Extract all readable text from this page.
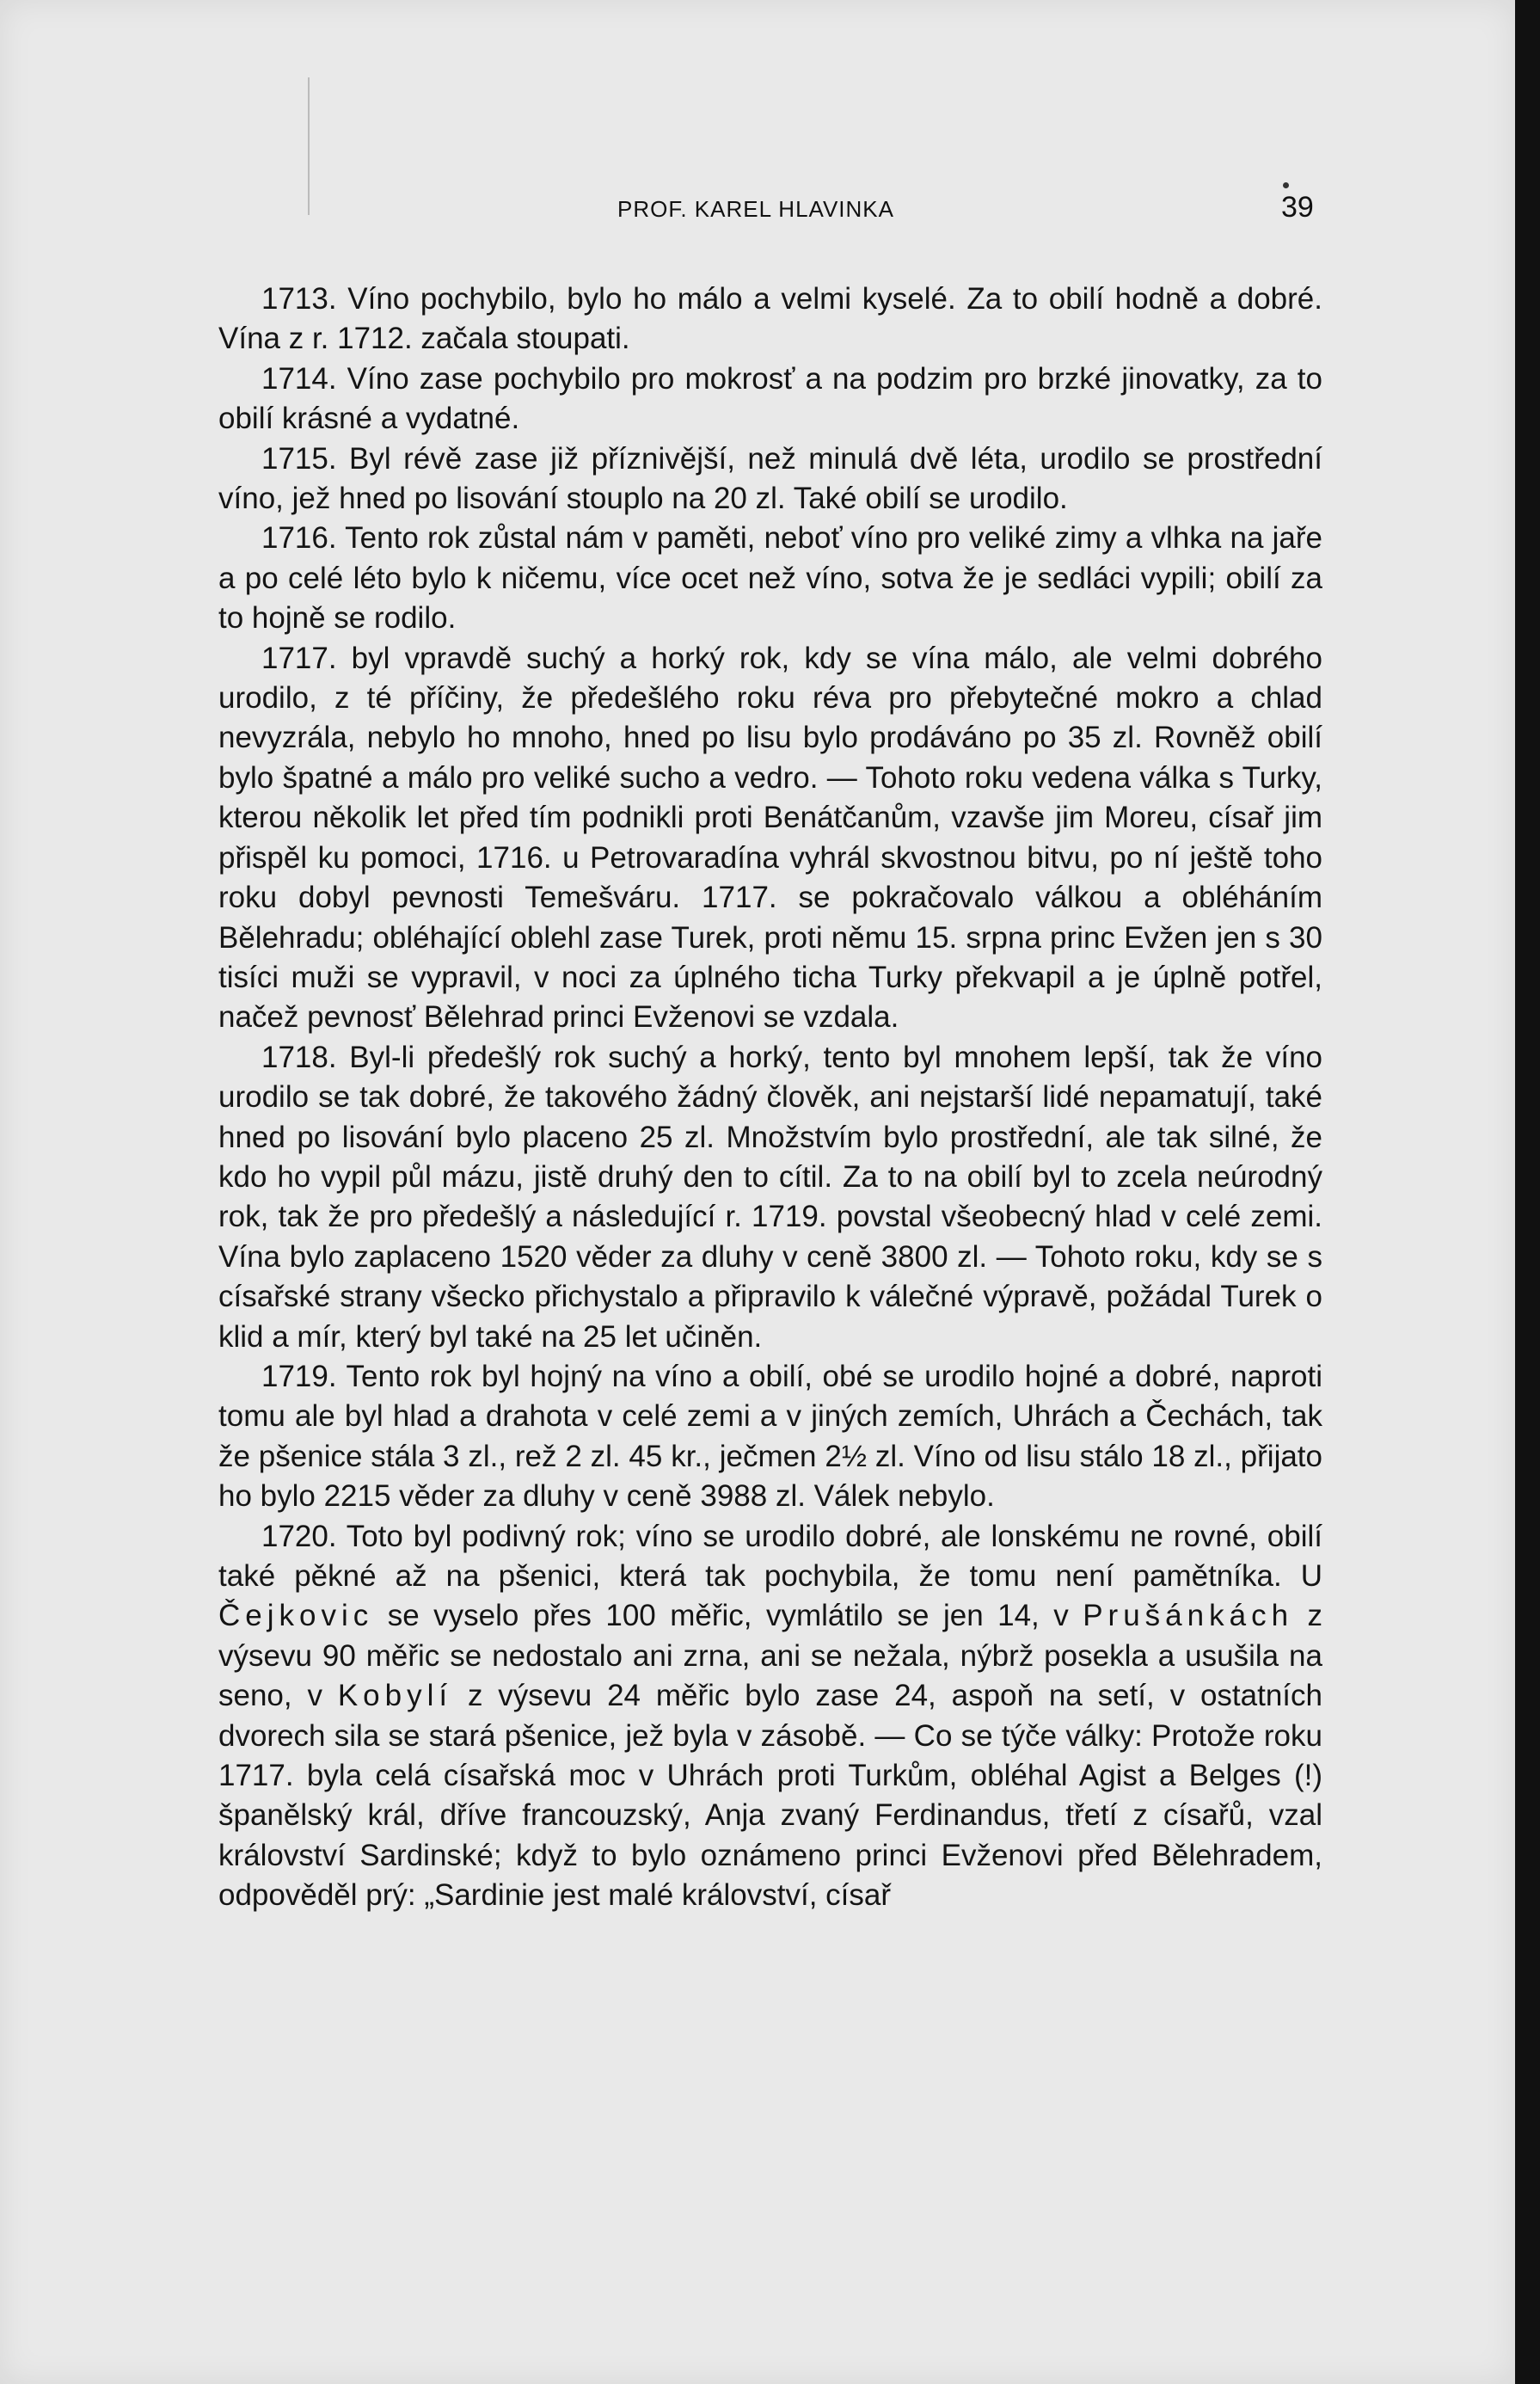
PROF. KAREL HLAVINKA	39

1713. Víno pochybilo, bylo ho málo a velmi kyselé. Za to obilí hodně a dobré. Vína z r. 1712. začala stoupati.

1714. Víno zase pochybilo pro mokrosť a na podzim pro brzké jinovatky, za to obilí krásné a vydatné.

1715. Byl révě zase již příznivější, než minulá dvě léta, urodilo se prostřední víno, jež hned po lisování stouplo na 20 zl. Také obilí se urodilo.

1716. Tento rok zůstal nám v paměti, neboť víno pro veliké zimy a vlhka na jaře a po celé léto bylo k ničemu, více ocet než víno, sotva že je sedláci vypili; obilí za to hojně se rodilo.

1717. byl vpravdě suchý a horký rok, kdy se vína málo, ale velmi dobrého urodilo, z té příčiny, že předešlého roku réva pro přebytečné mokro a chlad nevyzrála, nebylo ho mnoho, hned po lisu bylo prodáváno po 35 zl. Rovněž obilí bylo špatné a málo pro veliké sucho a vedro. — Tohoto roku vedena válka s Turky, kterou několik let před tím podnikli proti Benátčanům, vzavše jim Moreu, císař jim přispěl ku pomoci, 1716. u Petrovaradína vyhrál skvostnou bitvu, po ní ještě toho roku dobyl pevnosti Temešváru. 1717. se pokračovalo válkou a obléháním Bělehradu; obléhající oblehl zase Turek, proti němu 15. srpna princ Evžen jen s 30 tisíci muži se vypravil, v noci za úplného ticha Turky překvapil a je úplně potřel, načež pevnosť Bělehrad princi Evženovi se vzdala.

1718. Byl-li předešlý rok suchý a horký, tento byl mnohem lepší, tak že víno urodilo se tak dobré, že takového žádný člověk, ani nejstarší lidé nepamatují, také hned po lisování bylo placeno 25 zl. Množstvím bylo prostřední, ale tak silné, že kdo ho vypil půl mázu, jistě druhý den to cítil. Za to na obilí byl to zcela neúrodný rok, tak že pro předešlý a následující r. 1719. povstal všeobecný hlad v celé zemi. Vína bylo zaplaceno 1520 věder za dluhy v ceně 3800 zl. — Tohoto roku, kdy se s císařské strany všecko přichystalo a připravilo k válečné výpravě, požádal Turek o klid a mír, který byl také na 25 let učiněn.

1719. Tento rok byl hojný na víno a obilí, obé se urodilo hojné a dobré, naproti tomu ale byl hlad a drahota v celé zemi a v jiných zemích, Uhrách a Čechách, tak že pšenice stála 3 zl., rež 2 zl. 45 kr., ječmen 2½ zl. Víno od lisu stálo 18 zl., přijato ho bylo 2215 věder za dluhy v ceně 3988 zl. Válek nebylo.

1720. Toto byl podivný rok; víno se urodilo dobré, ale lonskému ne rovné, obilí také pěkné až na pšenici, která tak pochybila, že tomu není pamětníka. U Čejkovic se vyselo přes 100 měřic, vymlátilo se jen 14, v Prušánkách z výsevu 90 měřic se nedostalo ani zrna, ani se nežala, nýbrž posekla a usušila na seno, v Kobylí z výsevu 24 měřic bylo zase 24, aspoň na setí, v ostatních dvorech sila se stará pšenice, jež byla v zásobě. — Co se týče války: Protože roku 1717. byla celá císařská moc v Uhrách proti Turkům, obléhal Agist a Belges (!) španělský král, dříve francouzský, Anja zvaný Ferdinandus, třetí z císařů, vzal království Sardinské; když to bylo oznámeno princi Evženovi před Bělehradem, odpověděl prý: „Sardinie jest malé království, císař
